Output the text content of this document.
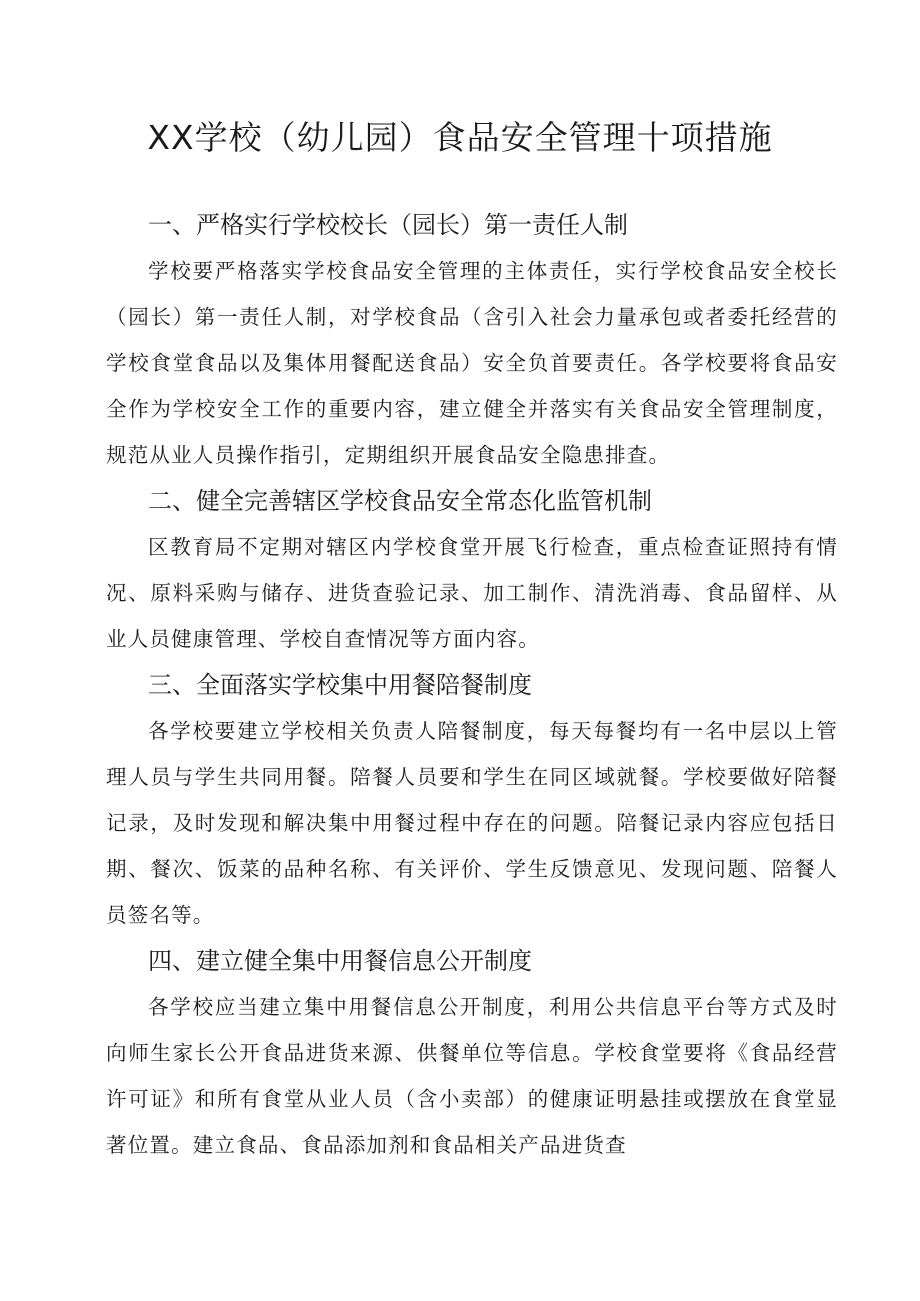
XX学校（幼儿园）食品安全管理十项措施
一、严格实行学校校长（园长）第一责任人制

学校要严格落实学校食品安全管理的主体责任，实行学校食品安全校长（园长）第一责任人制，对学校食品（含引入社会力量承包或者委托经营的学校食堂食品以及集体用餐配送食品）安全负首要责任。各学校要将食品安全作为学校安全工作的重要内容，建立健全并落实有关食品安全管理制度，规范从业人员操作指引，定期组织开展食品安全隐患排查。

二、健全完善辖区学校食品安全常态化监管机制

区教育局不定期对辖区内学校食堂开展飞行检查，重点检查证照持有情况、原料采购与储存、进货查验记录、加工制作、清洗消毒、食品留样、从业人员健康管理、学校自查情况等方面内容。

三、全面落实学校集中用餐陪餐制度

各学校要建立学校相关负责人陪餐制度，每天每餐均有一名中层以上管理人员与学生共同用餐。陪餐人员要和学生在同区域就餐。学校要做好陪餐记录，及时发现和解决集中用餐过程中存在的问题。陪餐记录内容应包括日期、餐次、饭菜的品种名称、有关评价、学生反馈意见、发现问题、陪餐人员签名等。

四、建立健全集中用餐信息公开制度

各学校应当建立集中用餐信息公开制度，利用公共信息平台等方式及时向师生家长公开食品进货来源、供餐单位等信息。学校食堂要将《食品经营许可证》和所有食堂从业人员（含小卖部）的健康证明悬挂或摆放在食堂显著位置。建立食品、食品添加剂和食品相关产品进货查
